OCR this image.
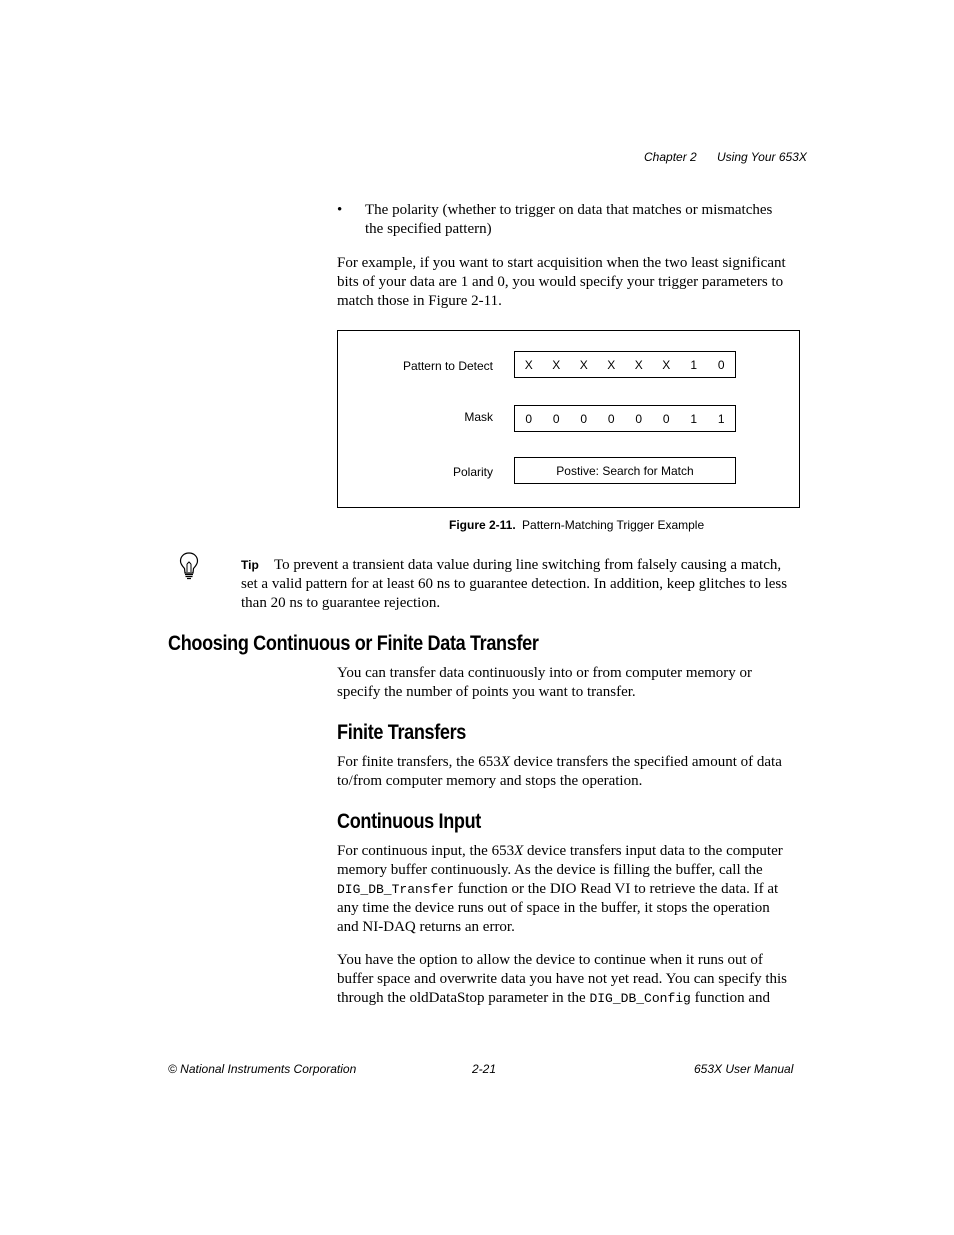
Chapter 2 Using Your 653X
• The polarity (whether to trigger on data that matches or mismatches
the specified pattern)
For example, if you want to start acquisition when the two least significant
bits of your data are 1 and 0, you would specify your trigger parameters to
match those in Figure 2-11.
Pattern to Detect	X	X	X	X	X	X	1	0
Mask	0	0	0	0	0	0	1	1
Polarity	Postive: Search for Match
Figure 2-11. Pattern-Matching Trigger Example
Tip To prevent a transient data value during line switching from falsely causing a match,
set a valid pattern for at least 60 ns to guarantee detection. In addition, keep glitches to less
than 20 ns to guarantee rejection.
Choosing Continuous or Finite Data Transfer
You can transfer data continuously into or from computer memory or
specify the number of points you want to transfer.
Finite Transfers
For finite transfers, the 653X device transfers the specified amount of data
to/from computer memory and stops the operation.
Continuous Input
For continuous input, the 653X device transfers input data to the computer
memory buffer continuously. As the device is filling the buffer, call the
DIG_DB_Transfer function or the DIO Read VI to retrieve the data. If at
any time the device runs out of space in the buffer, it stops the operation
and NI-DAQ returns an error.
You have the option to allow the device to continue when it runs out of
buffer space and overwrite data you have not yet read. You can specify this
through the oldDataStop parameter in the DIG_DB_Config function and
© National Instruments Corporation	2-21	653X User Manual
